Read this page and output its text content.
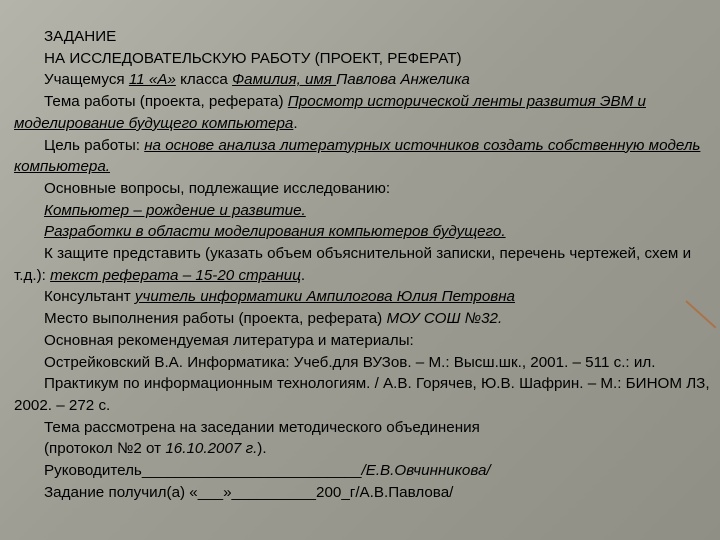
ЗАДАНИЕ

НА ИССЛЕДОВАТЕЛЬСКУЮ РАБОТУ (ПРОЕКТ, РЕФЕРАТ)

Учащемуся 11 «А» класса Фамилия, имя Павлова Анжелика

Тема работы (проекта, реферата) Просмотр исторической ленты развития ЭВМ и моделирование будущего компьютера.

Цель работы: на основе анализа литературных источников создать собственную модель компьютера.

Основные вопросы, подлежащие исследованию:

Компьютер – рождение и развитие.

Разработки в области моделирования компьютеров будущего.

К защите представить (указать объем объяснительной записки, перечень чертежей, схем и т.д.): текст реферата – 15-20 страниц.

Консультант учитель информатики Ампилогова Юлия Петровна

Место выполнения работы (проекта, реферата) МОУ СОШ №32.

Основная рекомендуемая литература и материалы:

Острейковский В.А. Информатика: Учеб.для ВУЗов. – М.: Высш.шк., 2001. – 511 с.: ил.

Практикум по информационным технологиям. / А.В. Горячев, Ю.В. Шафрин. – М.: БИНОМ ЛЗ, 2002. – 272 с.

Тема рассмотрена на заседании методического объединения

(протокол №2 от 16.10.2007 г.).

Руководитель__________________________/Е.В.Овчинникова/

Задание получил(а) «___»__________200_г/А.В.Павлова/
